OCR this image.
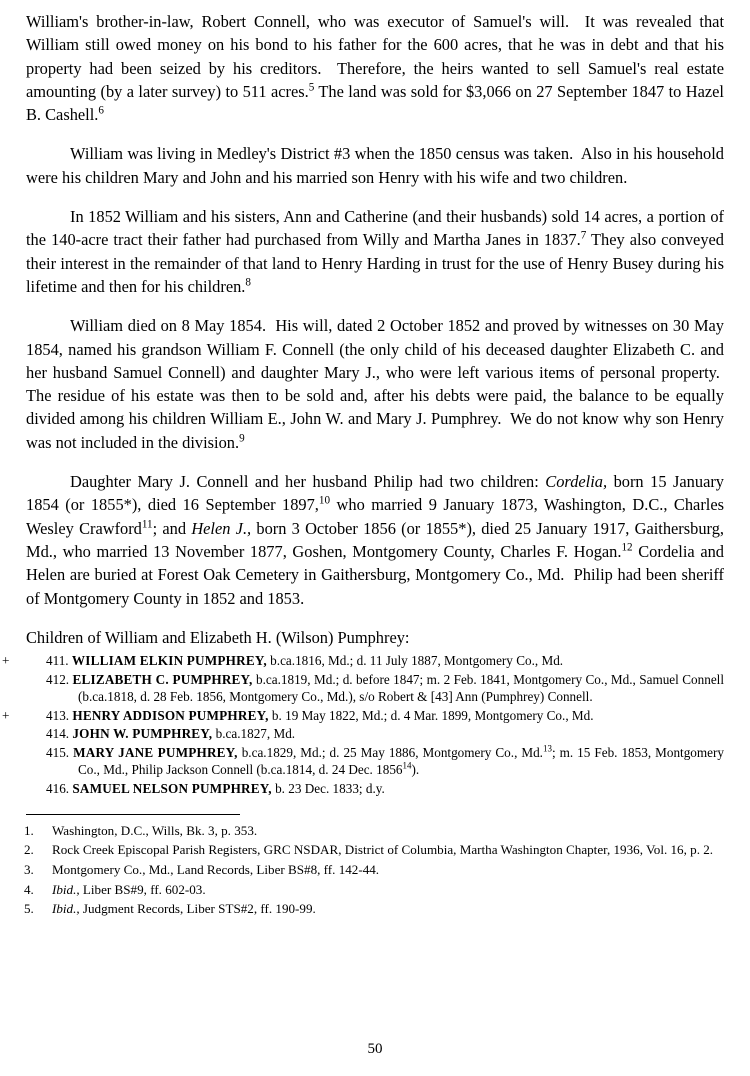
William's brother-in-law, Robert Connell, who was executor of Samuel's will.  It was revealed that William still owed money on his bond to his father for the 600 acres, that he was in debt and that his property had been seized by his creditors.  Therefore, the heirs wanted to sell Samuel's real estate amounting (by a later survey) to 511 acres.$^5$ The land was sold for $3,066 on 27 September 1847 to Hazel B. Cashell.$^6$

William was living in Medley's District #3 when the 1850 census was taken.  Also in his household were his children Mary and John and his married son Henry with his wife and two children.

In 1852 William and his sisters, Ann and Catherine (and their husbands) sold 14 acres, a portion of the 140-acre tract their father had purchased from Willy and Martha Janes in 1837.$^7$ They also conveyed their interest in the remainder of that land to Henry Harding in trust for the use of Henry Busey during his lifetime and then for his children.$^8$

William died on 8 May 1854.  His will, dated 2 October 1852 and proved by witnesses on 30 May 1854, named his grandson William F. Connell (the only child of his deceased daughter Elizabeth C. and her husband Samuel Connell) and daughter Mary J., who were left various items of personal property.  The residue of his estate was then to be sold and, after his debts were paid, the balance to be equally divided among his children William E., John W. and Mary J. Pumphrey.  We do not know why son Henry was not included in the division.$^9$

Daughter Mary J. Connell and her husband Philip had two children: Cordelia, born 15 January 1854 (or 1855*), died 16 September 1897,10 who married 9 January 1873, Washington, D.C., Charles Wesley Crawford$^{11}$; and Helen J., born 3 October 1856 (or 1855*), died 25 January 1917, Gaithersburg, Md., who married 13 November 1877, Goshen, Montgomery County, Charles F. Hogan.$^{12}$ Cordelia and Helen are buried at Forest Oak Cemetery in Gaithersburg, Montgomery Co., Md.  Philip had been sheriff of Montgomery County in 1852 and 1853.

Children of William and Elizabeth H. (Wilson) Pumphrey:
+	411. WILLIAM ELKIN PUMPHREY, b.ca.1816, Md.; d. 11 July 1887, Montgomery Co., Md.
412. ELIZABETH C. PUMPHREY, b.ca.1819, Md.; d. before 1847; m. 2 Feb. 1841, Montgomery Co., Md., Samuel Connell (b.ca.1818, d. 28 Feb. 1856, Montgomery Co., Md.), s/o Robert & [43] Ann (Pumphrey) Connell.
+	413. HENRY ADDISON PUMPHREY, b. 19 May 1822, Md.; d. 4 Mar. 1899, Montgomery Co., Md.
414. JOHN W. PUMPHREY, b.ca.1827, Md.
415. MARY JANE PUMPHREY, b.ca.1829, Md.; d. 25 May 1886, Montgomery Co., Md.$^{13}$; m. 15 Feb. 1853, Montgomery Co., Md., Philip Jackson Connell (b.ca.1814, d. 24 Dec. 1856$^{14}$).
416. SAMUEL NELSON PUMPHREY, b. 23 Dec. 1833; d.y.
1. Washington, D.C., Wills, Bk. 3, p. 353.
2. Rock Creek Episcopal Parish Registers, GRC NSDAR, District of Columbia, Martha Washington Chapter, 1936, Vol. 16, p. 2.
3. Montgomery Co., Md., Land Records, Liber BS#8, ff. 142-44.
4. Ibid., Liber BS#9, ff. 602-03.
5. Ibid., Judgment Records, Liber STS#2, ff. 190-99.
50
